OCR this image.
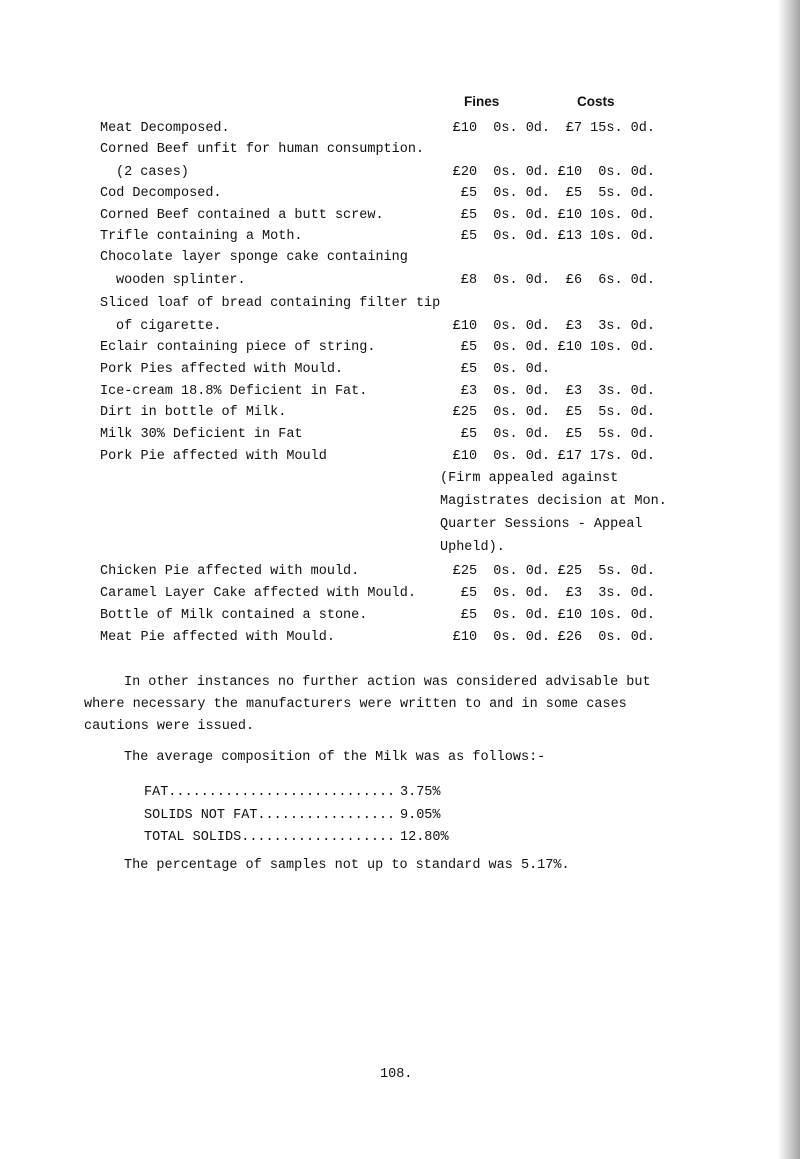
Fines	Costs
Meat Decomposed.	£10  0s. 0d.	£7 15s. 0d.
Corned Beef unfit for human consumption.
(2 cases)	£20  0s. 0d. £10  0s. 0d.
Cod Decomposed.	£5  0s. 0d.	£5  5s. 0d.
Corned Beef contained a butt screw.	£5  0s. 0d. £10 10s. 0d.
Trifle containing a Moth.	£5  0s. 0d. £13 10s. 0d.
Chocolate layer sponge cake containing
wooden splinter.	£8  0s. 0d.	£6  6s. 0d.
Sliced loaf of bread containing filter tip
of cigarette.	£10  0s. 0d.	£3  3s. 0d.
Eclair containing piece of string.	£5  0s. 0d. £10 10s. 0d.
Pork Pies affected with Mould.	£5  0s. 0d.
Ice-cream 18.8% Deficient in Fat.	£3  0s. 0d.	£3  3s. 0d.
Dirt in bottle of Milk.	£25  0s. 0d.	£5  5s. 0d.
Milk 30% Deficient in Fat	£5  0s. 0d.	£5  5s. 0d.
Pork Pie affected with Mould	£10  0s. 0d. £17 17s. 0d.
(Firm appealed against
Magistrates decision at Mon.
Quarter Sessions - Appeal
Upheld).
Chicken Pie affected with mould.	£25  0s. 0d. £25  5s. 0d.
Caramel Layer Cake affected with Mould.	£5  0s. 0d.	£3  3s. 0d.
Bottle of Milk contained a stone.	£5  0s. 0d. £10 10s. 0d.
Meat Pie affected with Mould.	£10  0s. 0d. £26  0s. 0d.
In other instances no further action was considered advisable but
where necessary the manufacturers were written to and in some cases
cautions were issued.
The average composition of the Milk was as follows:-
FAT............................ 3.75%
SOLIDS NOT FAT................. 9.05%
TOTAL SOLIDS................... 12.80%
The percentage of samples not up to standard was 5.17%.
108.
